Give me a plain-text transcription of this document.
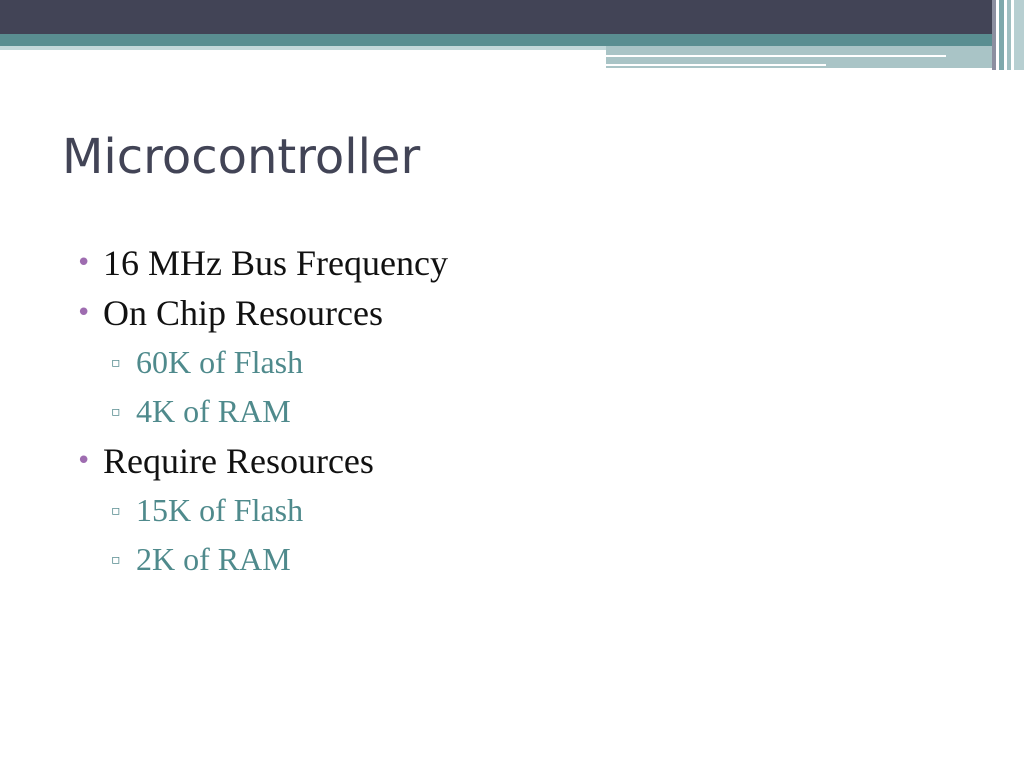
Microcontroller
• 16 MHz Bus Frequency
• On Chip Resources
▫ 60K of Flash
▫ 4K of RAM
• Require Resources
▫ 15K of Flash
▫ 2K of RAM
